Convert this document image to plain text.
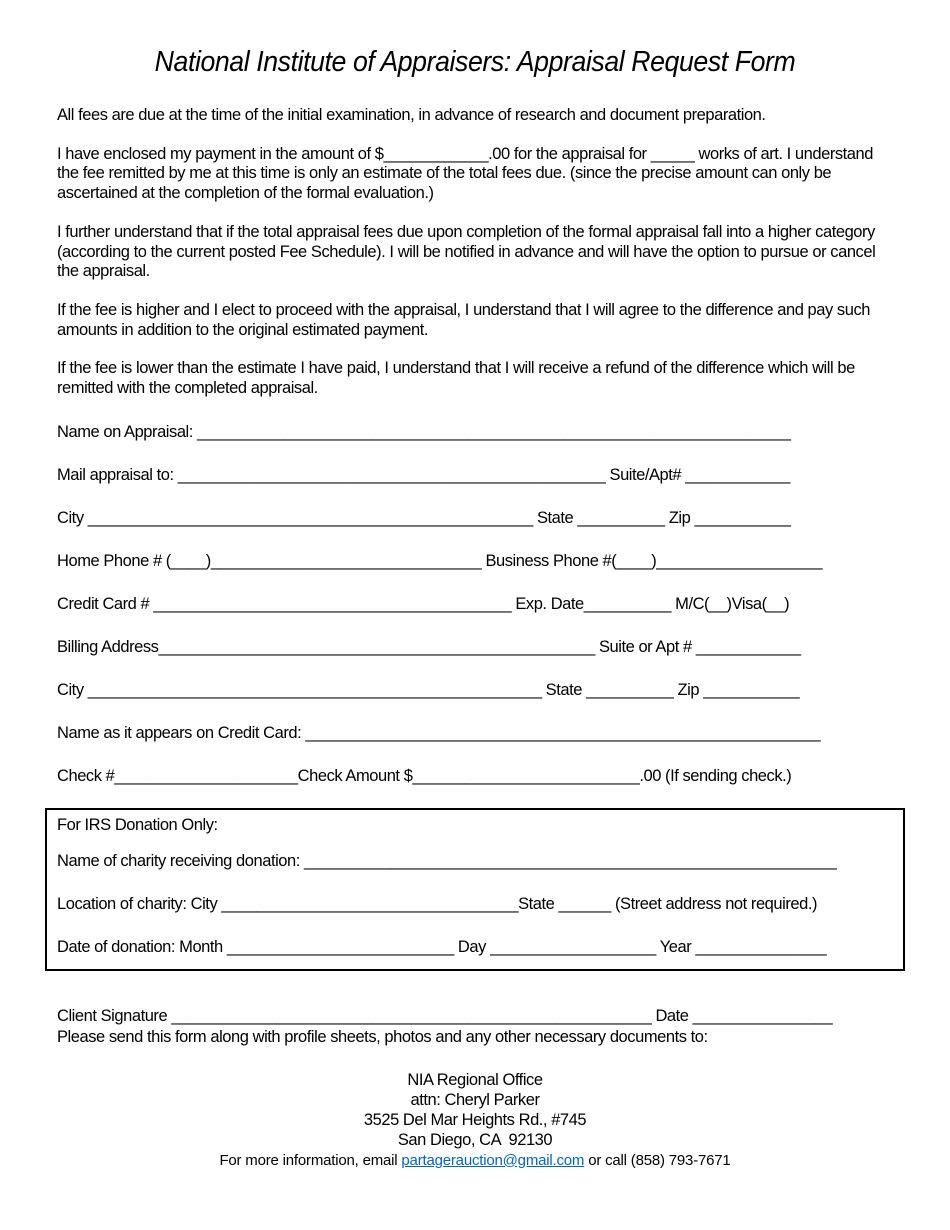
National Institute of Appraisers: Appraisal Request Form
All fees are due at the time of the initial examination, in advance of research and document preparation.
I have enclosed my payment in the amount of $____________.00 for the appraisal for _____ works of art. I understand
the fee remitted by me at this time is only an estimate of the total fees due. (since the precise amount can only be
ascertained at the completion of the formal evaluation.)
I further understand that if the total appraisal fees due upon completion of the formal appraisal fall into a higher category
(according to the current posted Fee Schedule). I will be notified in advance and will have the option to pursue or cancel
the appraisal.
If the fee is higher and I elect to proceed with the appraisal, I understand that I will agree to the difference and pay such
amounts in addition to the original estimated payment.
If the fee is lower than the estimate I have paid, I understand that I will receive a refund of the difference which will be
remitted with the completed appraisal.
Name on Appraisal: ____________________________________________________________________
Mail appraisal to: _________________________________________________ Suite/Apt# ____________
City ___________________________________________________ State __________ Zip ___________
Home Phone # (____)_______________________________ Business Phone #(____)___________________
Credit Card # _________________________________________ Exp. Date__________ M/C(__)Visa(__)
Billing Address__________________________________________________ Suite or Apt # ____________
City ____________________________________________________ State __________ Zip ___________
Name as it appears on Credit Card: ___________________________________________________________
Check #_____________________Check Amount $__________________________.00 (If sending check.)
For IRS Donation Only:
Name of charity receiving donation: _____________________________________________________________
Location of charity: City __________________________________State ______ (Street address not required.)
Date of donation: Month __________________________ Day ___________________ Year _______________
Client Signature _______________________________________________________ Date ________________
Please send this form along with profile sheets, photos and any other necessary documents to:
NIA Regional Office
attn: Cheryl Parker
3525 Del Mar Heights Rd., #745
San Diego, CA  92130
For more information, email partagerauction@gmail.com or call (858) 793-7671
